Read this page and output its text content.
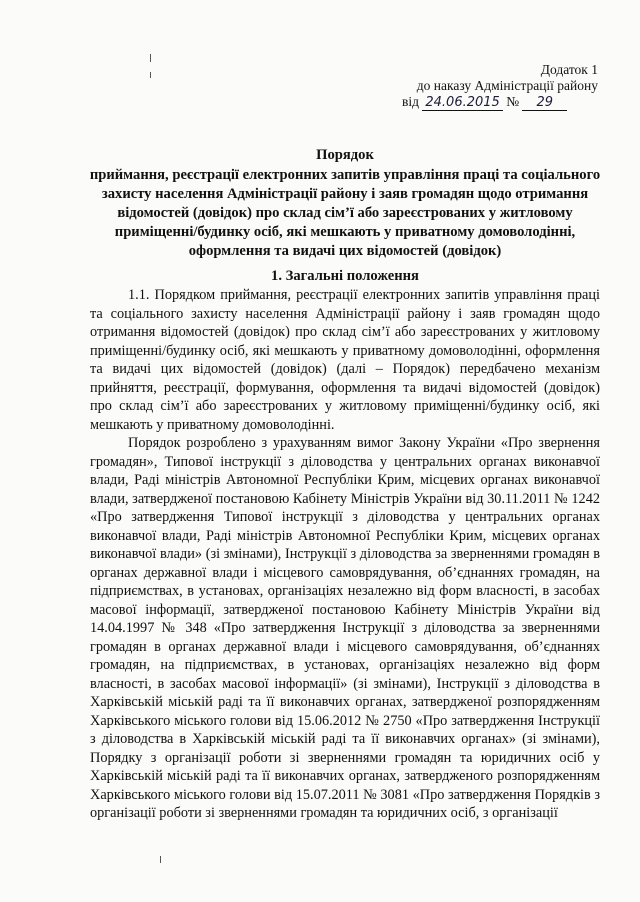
Додаток 1
до наказу Адміністрації району
від 24.06.2015 № 29
Порядок
приймання, реєстрації електронних запитів управління праці та соціального захисту населення Адміністрації району і заяв громадян щодо отримання відомостей (довідок) про склад сім’ї або зареєстрованих у житловому приміщенні/будинку осіб, які мешкають у приватному домоволодінні, оформлення та видачі цих відомостей (довідок)
1. Загальні положення

1.1. Порядком приймання, реєстрації електронних запитів управління праці та соціального захисту населення Адміністрації району і заяв громадян щодо отримання відомостей (довідок) про склад сім’ї або зареєстрованих у житловому приміщенні/будинку осіб, які мешкають у приватному домоволодінні, оформлення та видачі цих відомостей (довідок) (далі – Порядок) передбачено механізм прийняття, реєстрації, формування, оформлення та видачі відомостей (довідок) про склад сім’ї або зареєстрованих у житловому приміщенні/будинку осіб, які мешкають у приватному домоволодінні.

Порядок розроблено з урахуванням вимог Закону України «Про звернення громадян», Типової інструкції з діловодства у центральних органах виконавчої влади, Раді міністрів Автономної Республіки Крим, місцевих органах виконавчої влади, затвердженої постановою Кабінету Міністрів України від 30.11.2011 № 1242 «Про затвердження Типової інструкції з діловодства у центральних органах виконавчої влади, Раді міністрів Автономної Республіки Крим, місцевих органах виконавчої влади» (зі змінами), Інструкції з діловодства за зверненнями громадян в органах державної влади і місцевого самоврядування, об’єднаннях громадян, на підприємствах, в установах, організаціях незалежно від форм власності, в засобах масової інформації, затвердженої постановою Кабінету Міністрів України від 14.04.1997 № 348 «Про затвердження Інструкції з діловодства за зверненнями громадян в органах державної влади і місцевого самоврядування, об’єднаннях громадян, на підприємствах, в установах, організаціях незалежно від форм власності, в засобах масової інформації» (зі змінами), Інструкції з діловодства в Харківській міській раді та її виконавчих органах, затвердженої розпорядженням Харківського міського голови від 15.06.2012 № 2750 «Про затвердження Інструкції з діловодства в Харківській міській раді та її виконавчих органах» (зі змінами), Порядку з організації роботи зі зверненнями громадян та юридичних осіб у Харківській міській раді та її виконавчих органах, затвердженого розпорядженням Харківського міського голови від 15.07.2011 № 3081 «Про затвердження Порядків з організації роботи зі зверненнями громадян та юридичних осіб, з організації
